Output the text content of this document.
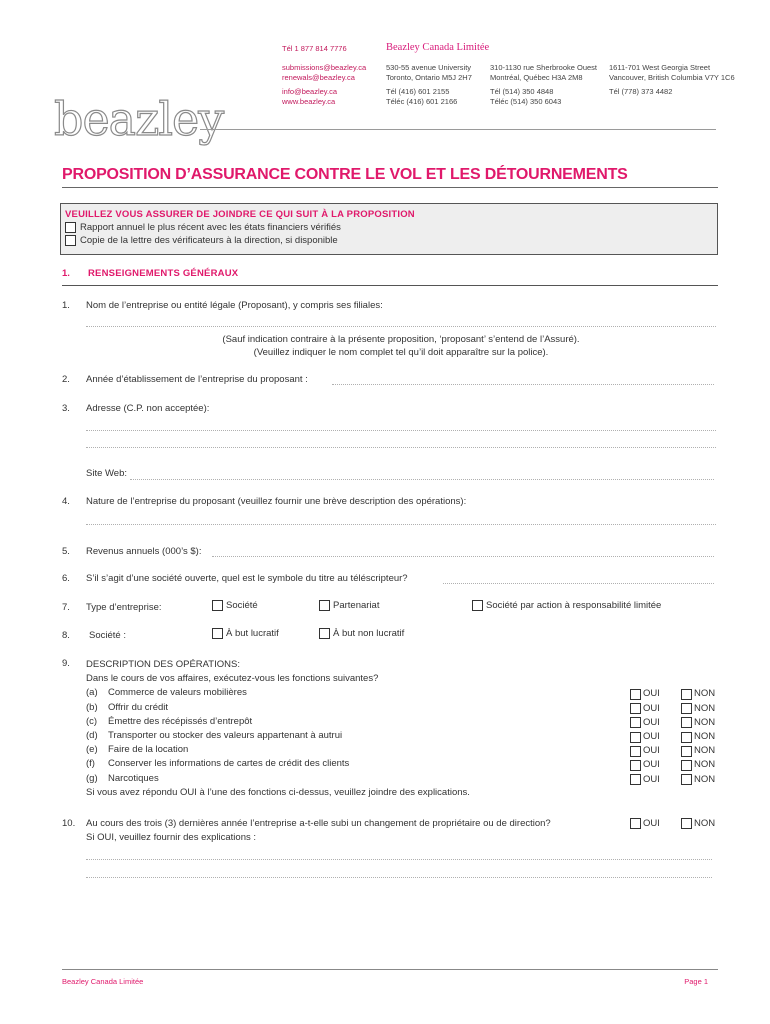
Tél 1 877 814 7776
submissions@beazley.ca
renewals@beazley.ca
info@beazley.ca
www.beazley.ca
Beazley Canada Limitée
530-55 avenue University
Toronto, Ontario M5J 2H7
Tél (416) 601 2155
Téléc (416) 601 2166
310-1130 rue Sherbrooke Ouest
Montréal, Québec H3A 2M8
Tél (514) 350 4848
Téléc (514) 350 6043
1611-701 West Georgia Street
Vancouver, British Columbia V7Y 1C6
Tél (778) 373 4482
beazley
PROPOSITION D’ASSURANCE CONTRE LE VOL ET LES DÉTOURNEMENTS
VEUILLEZ VOUS ASSURER DE JOINDRE CE QUI SUIT À LA PROPOSITION
Rapport annuel le plus récent avec les états financiers vérifiés
Copie de la lettre des vérificateurs à la direction, si disponible
1. RENSEIGNEMENTS GÉNÉRAUX
1. Nom de l’entreprise ou entité légale (Proposant), y compris ses filiales:
(Sauf indication contraire à la présente proposition, ‘proposant’ s’entend de l’Assuré).
(Veuillez indiquer le nom complet tel qu’il doit apparaître sur la police).
2. Année d’établissement de l’entreprise du proposant :
3. Adresse (C.P. non acceptée):
Site Web:
4. Nature de l’entreprise du proposant (veuillez fournir une brève description des opérations):
5. Revenus annuels (000’s $):
6. S’il s’agit d’une société ouverte, quel est le symbole du titre au téléscripteur?
7. Type d’entreprise:	Société	Partenariat	Société par action à responsabilité limitée
8. Société :	À but lucratif	À but non lucratif
9. DESCRIPTION DES OPÉRATIONS:
Dans le cours de vos affaires, exécutez-vous les fonctions suivantes?
(a) Commerce de valeurs mobilières	OUI	NON
(b) Offrir du crédit	OUI	NON
(c) Émettre des récépissés d’entrepôt	OUI	NON
(d) Transporter ou stocker des valeurs appartenant à autrui	OUI	NON
(e) Faire de la location	OUI	NON
(f) Conserver les informations de cartes de crédit des clients	OUI	NON
(g) Narcotiques	OUI	NON
Si vous avez répondu OUI à l’une des fonctions ci-dessus, veuillez joindre des explications.
10. Au cours des trois (3) dernières année l’entreprise a-t-elle subi un changement de propriétaire ou de direction?	OUI	NON
Si OUI, veuillez fournir des explications :
Beazley Canada Limitée	Page 1
